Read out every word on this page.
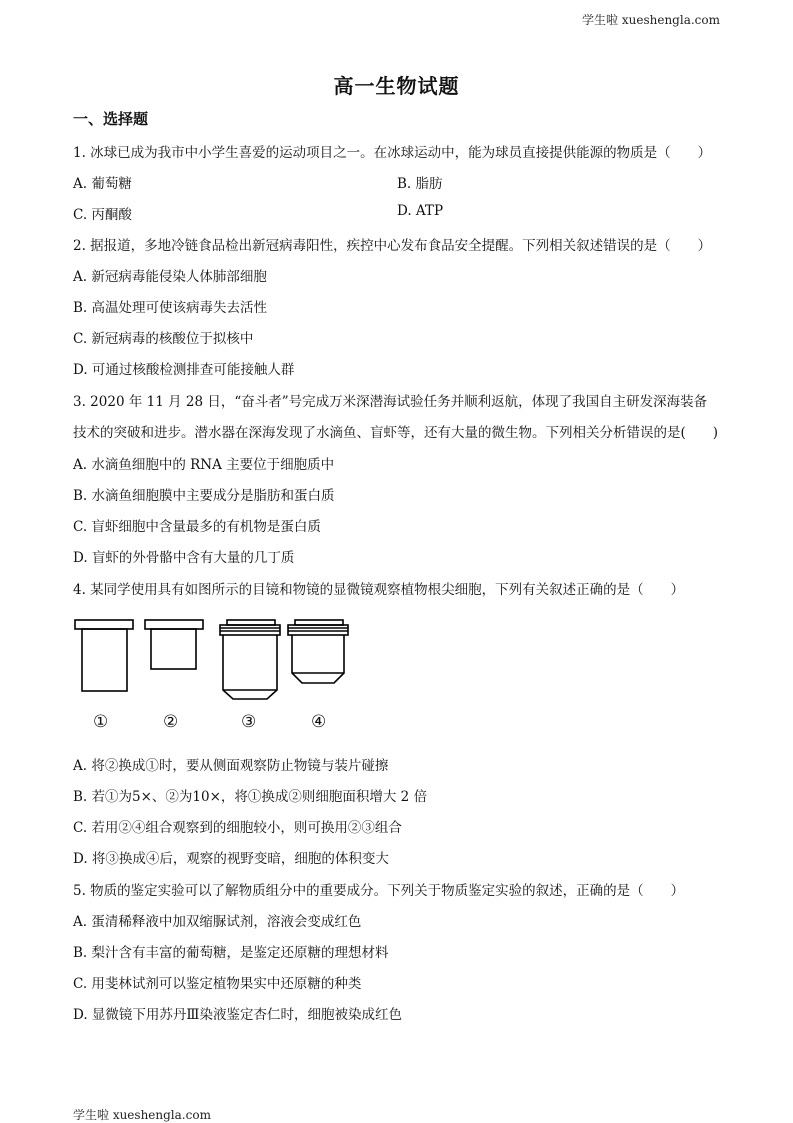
学生啦 xueshengla.com
高一生物试题
一、选择题
1. 冰球已成为我市中小学生喜爱的运动项目之一。在冰球运动中，能为球员直接提供能源的物质是（　　）
A. 葡萄糖	B. 脂肪
C. 丙酮酸	D. ATP
2. 据报道，多地冷链食品检出新冠病毒阳性，疾控中心发布食品安全提醒。下列相关叙述错误的是（　　）
A. 新冠病毒能侵染人体肺部细胞
B. 高温处理可使该病毒失去活性
C. 新冠病毒的核酸位于拟核中
D. 可通过核酸检测排查可能接触人群
3. 2020 年 11 月 28 日，“奋斗者”号完成万米深潜海试验任务并顺利返航，体现了我国自主研发深海装备
技术的突破和进步。潜水器在深海发现了水滴鱼、盲虾等，还有大量的微生物。下列相关分析错误的是(　　)
A. 水滴鱼细胞中的 RNA 主要位于细胞质中
B. 水滴鱼细胞膜中主要成分是脂肪和蛋白质
C. 盲虾细胞中含量最多的有机物是蛋白质
D. 盲虾的外骨骼中含有大量的几丁质
4. 某同学使用具有如图所示的目镜和物镜的显微镜观察植物根尖细胞，下列有关叙述正确的是（　　）
①	②	③	④
A. 将②换成①时，要从侧面观察防止物镜与装片碰擦
B. 若①为5×、②为10×，将①换成②则细胞面积增大 2 倍
C. 若用②④组合观察到的细胞较小，则可换用②③组合
D. 将③换成④后，观察的视野变暗，细胞的体积变大
5. 物质的鉴定实验可以了解物质组分中的重要成分。下列关于物质鉴定实验的叙述，正确的是（　　）
A. 蛋清稀释液中加双缩脲试剂，溶液会变成红色
B. 梨汁含有丰富的葡萄糖，是鉴定还原糖的理想材料
C. 用斐林试剂可以鉴定植物果实中还原糖的种类
D. 显微镜下用苏丹Ⅲ染液鉴定杏仁时，细胞被染成红色
学生啦 xueshengla.com
